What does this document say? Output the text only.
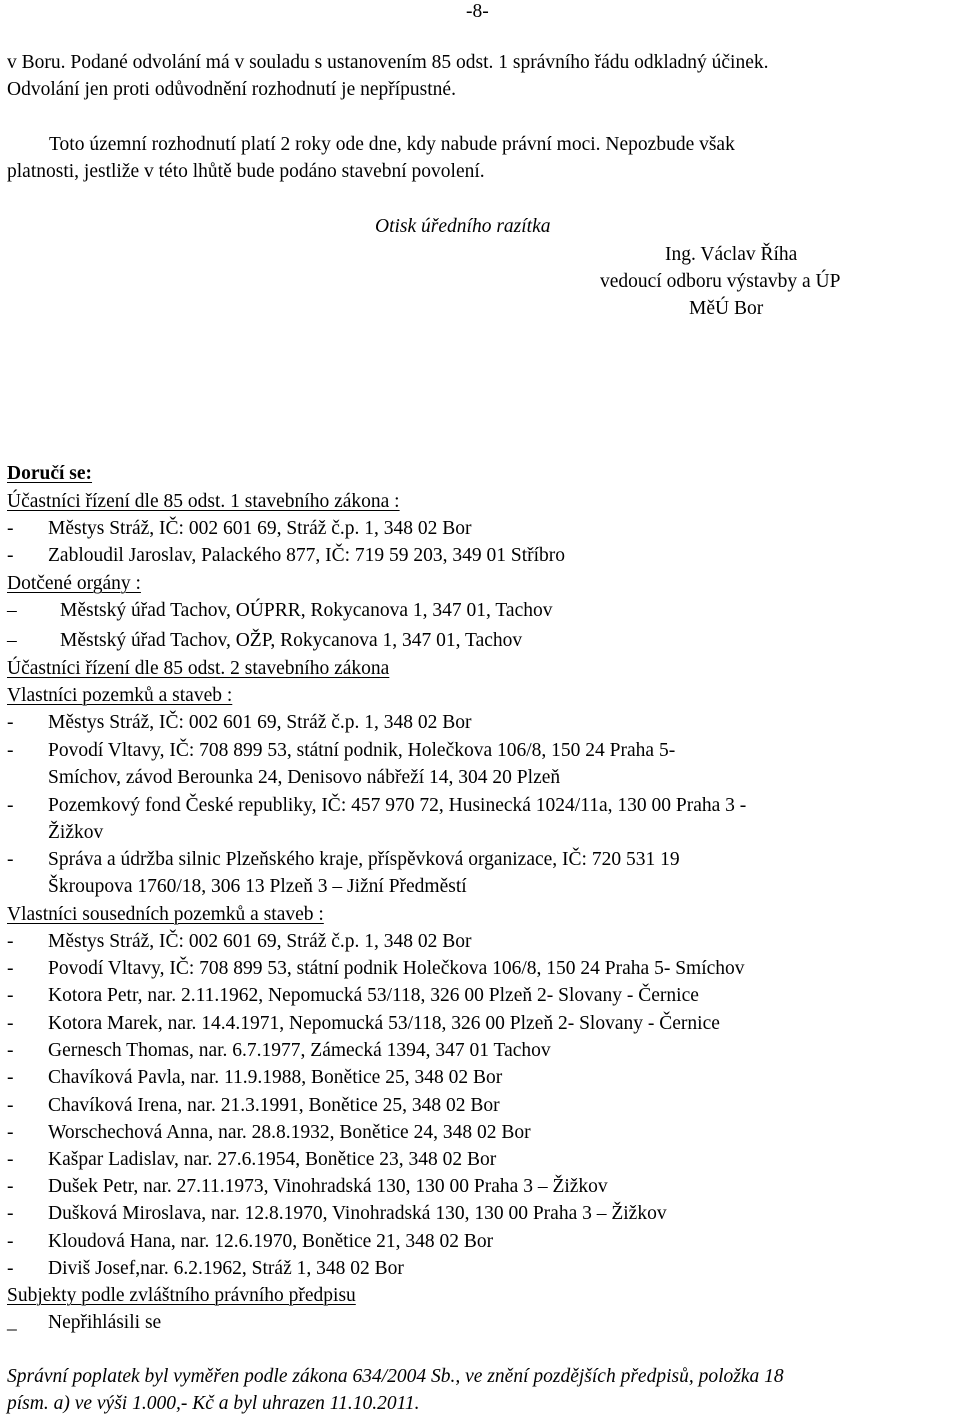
-8-
v Boru. Podané odvolání má v souladu s ustanovením 85 odst. 1 správního řádu odkladný účinek.
Odvolání jen proti odůvodnění rozhodnutí je nepřípustné.
Toto územní rozhodnutí platí 2 roky ode dne, kdy nabude právní moci. Nepozbude však
platnosti, jestliže v této lhůtě bude podáno stavební povolení.
Otisk úředního razítka
Ing. Václav Říha
vedoucí odboru výstavby a ÚP
MěÚ Bor
Doručí se:
Účastníci řízení dle 85 odst. 1 stavebního zákona :
- Městys Stráž, IČ: 002 601 69, Stráž č.p. 1, 348 02 Bor
- Zabloudil Jaroslav, Palackého 877, IČ: 719 59 203, 349 01 Stříbro
Dotčené orgány :
– Městský úřad Tachov, OÚPRR, Rokycanova 1, 347 01, Tachov
– Městský úřad Tachov, OŽP, Rokycanova 1, 347 01, Tachov
Účastníci řízení dle 85 odst. 2 stavebního zákona
Vlastníci pozemků a staveb :
- Městys Stráž, IČ: 002 601 69, Stráž č.p. 1, 348 02 Bor
- Povodí Vltavy, IČ: 708 899 53, státní podnik, Holečkova 106/8, 150 24 Praha 5-
Smíchov, závod Berounka 24, Denisovo nábřeží 14, 304 20 Plzeň
- Pozemkový fond České republiky, IČ: 457 970 72, Husinecká 1024/11a, 130 00 Praha 3 -
Žižkov
- Správa a údržba silnic Plzeňského kraje, příspěvková organizace, IČ: 720 531 19
Škroupova 1760/18, 306 13 Plzeň 3 – Jižní Předměstí
Vlastníci sousedních pozemků a staveb :
- Městys Stráž, IČ: 002 601 69, Stráž č.p. 1, 348 02 Bor
- Povodí Vltavy, IČ: 708 899 53, státní podnik Holečkova 106/8, 150 24 Praha 5- Smíchov
- Kotora Petr, nar. 2.11.1962, Nepomucká 53/118, 326 00 Plzeň 2- Slovany - Černice
- Kotora Marek, nar. 14.4.1971, Nepomucká 53/118, 326 00 Plzeň 2- Slovany - Černice
- Gernesch Thomas, nar. 6.7.1977, Zámecká 1394, 347 01 Tachov
- Chavíková Pavla, nar. 11.9.1988, Bonětice 25, 348 02 Bor
- Chavíková Irena, nar. 21.3.1991, Bonětice 25, 348 02 Bor
- Worschechová Anna, nar. 28.8.1932, Bonětice 24, 348 02 Bor
- Kašpar Ladislav, nar. 27.6.1954, Bonětice 23, 348 02 Bor
- Dušek Petr, nar. 27.11.1973, Vinohradská 130, 130 00 Praha 3 – Žižkov
- Dušková Miroslava, nar. 12.8.1970, Vinohradská 130, 130 00 Praha 3 – Žižkov
- Kloudová Hana, nar. 12.6.1970, Bonětice 21, 348 02 Bor
- Diviš Josef,nar. 6.2.1962, Stráž 1, 348 02 Bor
Subjekty podle zvláštního právního předpisu
_ Nepřihlásili se
Správní poplatek byl vyměřen podle zákona 634/2004 Sb., ve znění pozdějších předpisů, položka 18
písm. a) ve výši 1.000,- Kč a byl uhrazen 11.10.2011.
